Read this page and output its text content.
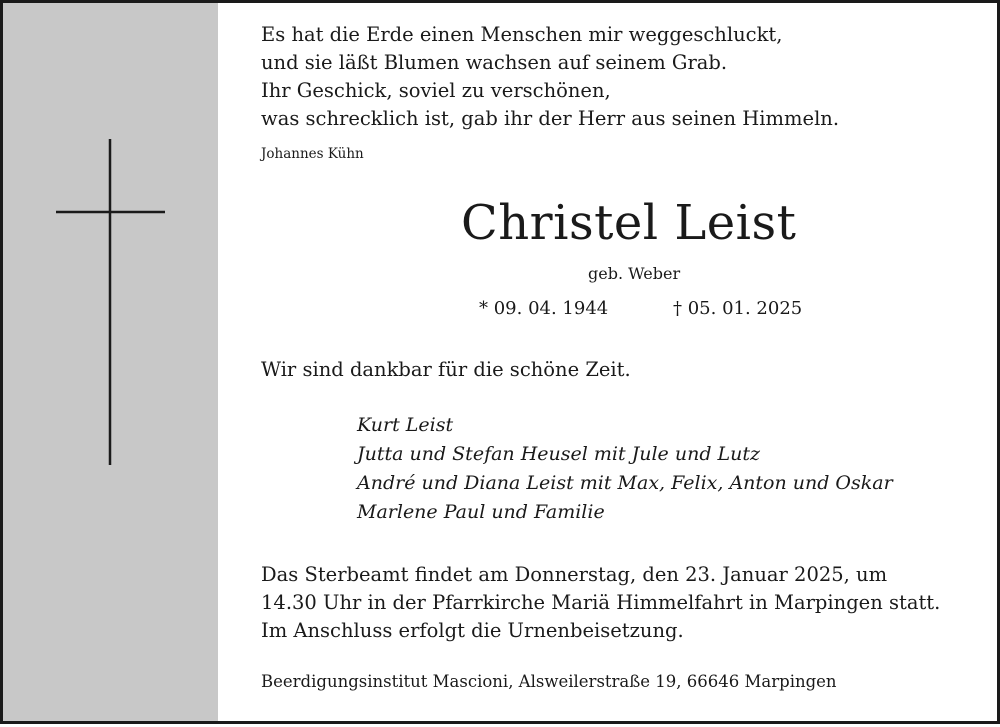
Es hat die Erde einen Menschen mir weggeschluckt,
und sie läßt Blumen wachsen auf seinem Grab.
Ihr Geschick, soviel zu verschönen,
was schrecklich ist, gab ihr der Herr aus seinen Himmeln.
Johannes Kühn
Christel Leist
geb. Weber
* 09. 04. 1944	† 05. 01. 2025
Wir sind dankbar für die schöne Zeit.
Kurt Leist
Jutta und Stefan Heusel mit Jule und Lutz
André und Diana Leist mit Max, Felix, Anton und Oskar
Marlene Paul und Familie
Das Sterbeamt findet am Donnerstag, den 23. Januar 2025, um
14.30 Uhr in der Pfarrkirche Mariä Himmelfahrt in Marpingen statt.
Im Anschluss erfolgt die Urnenbeisetzung.
Beerdigungsinstitut Mascioni, Alsweilerstraße 19, 66646 Marpingen
